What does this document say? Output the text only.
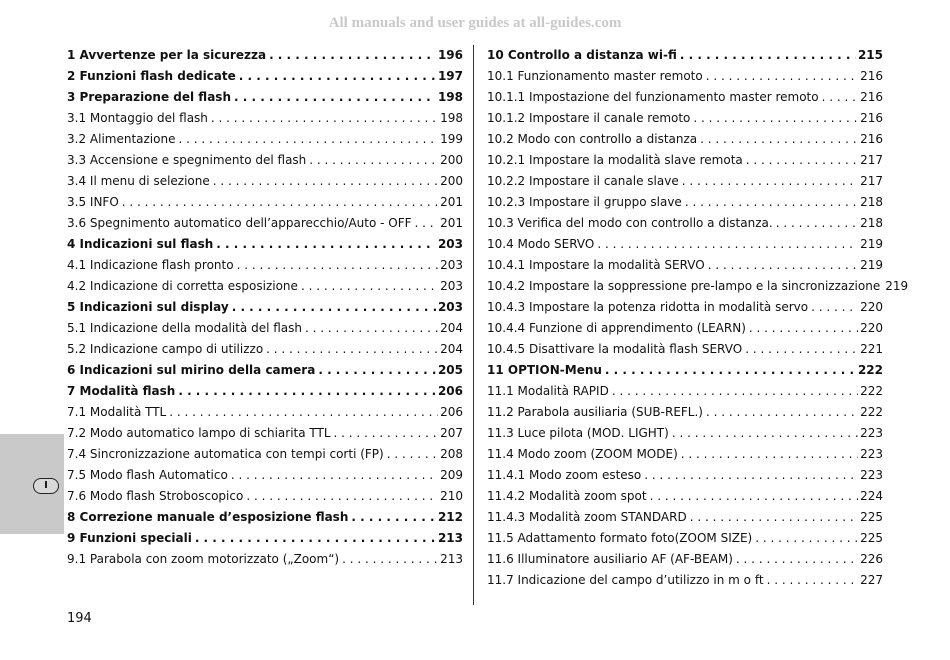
All manuals and user guides at all-guides.com
1 Avvertenze per la sicurezza . . .	196
2 Funzioni flash dedicate . . .	197
3 Preparazione del flash . . .	198
3.1 Montaggio del flash . . .	198
3.2 Alimentazione . . .	199
3.3 Accensione e spegnimento del flash . . .	200
3.4 Il menu di selezione . . .	200
3.5 INFO . . .	201
3.6 Spegnimento automatico dell’apparecchio/Auto - OFF . . . 201
4 Indicazioni sul flash . . .	203
4.1 Indicazione flash pronto . . .	203
4.2 Indicazione di corretta esposizione . . .	203
5 Indicazioni sul display . . .	203
5.1 Indicazione della modalità del flash . . .	204
5.2 Indicazione campo di utilizzo . . .	204
6 Indicazioni sul mirino della camera . . .	205
7 Modalità flash . . .	206
7.1 Modalità TTL . . .	206
7.2 Modo automatico lampo di schiarita TTL . . .	207
7.4 Sincronizzazione automatica con tempi corti (FP) . . .	208
7.5 Modo flash Automatico . . .	209
7.6 Modo flash Stroboscopico . . .	210
8 Correzione manuale d’esposizione flash . . .	212
9 Funzioni speciali . . .	213
9.1 Parabola con zoom motorizzato („Zoom“) . . .	213
10 Controllo a distanza wi-fi . . .	215
10.1 Funzionamento master remoto . . .	216
10.1.1 Impostazione del funzionamento master remoto . . .	216
10.1.2 Impostare il canale remoto . . .	216
10.2 Modo con controllo a distanza . . .	216
10.2.1 Impostare la modalità slave remota . . .	217
10.2.2 Impostare il canale slave . . .	217
10.2.3 Impostare il gruppo slave . . .	218
10.3 Verifica del modo con controllo a distanza. . . .	218
10.4 Modo SERVO . . .	219
10.4.1 Impostare la modalità SERVO . . .	219
10.4.2 Impostare la soppressione pre-lampo e la sincronizzazione 219
10.4.3 Impostare la potenza ridotta in modalità servo . . .	220
10.4.4 Funzione di apprendimento (LEARN) . . .	220
10.4.5 Disattivare la modalità flash SERVO . . .	221
11 OPTION-Menu . . .	222
11.1 Modalità RAPID . . .	222
11.2 Parabola ausiliaria (SUB-REFL.) . . .	222
11.3 Luce pilota (MOD. LIGHT) . . .	223
11.4 Modo zoom (ZOOM MODE) . . .	223
11.4.1 Modo zoom esteso . . .	223
11.4.2 Modalità zoom spot . . .	224
11.4.3 Modalità zoom STANDARD . . .	225
11.5 Adattamento formato foto(ZOOM SIZE) . . .	225
11.6 Illuminatore ausiliario AF (AF-BEAM) . . .	226
11.7 Indicazione del campo d’utilizzo in m o ft . . .	227
I
194
